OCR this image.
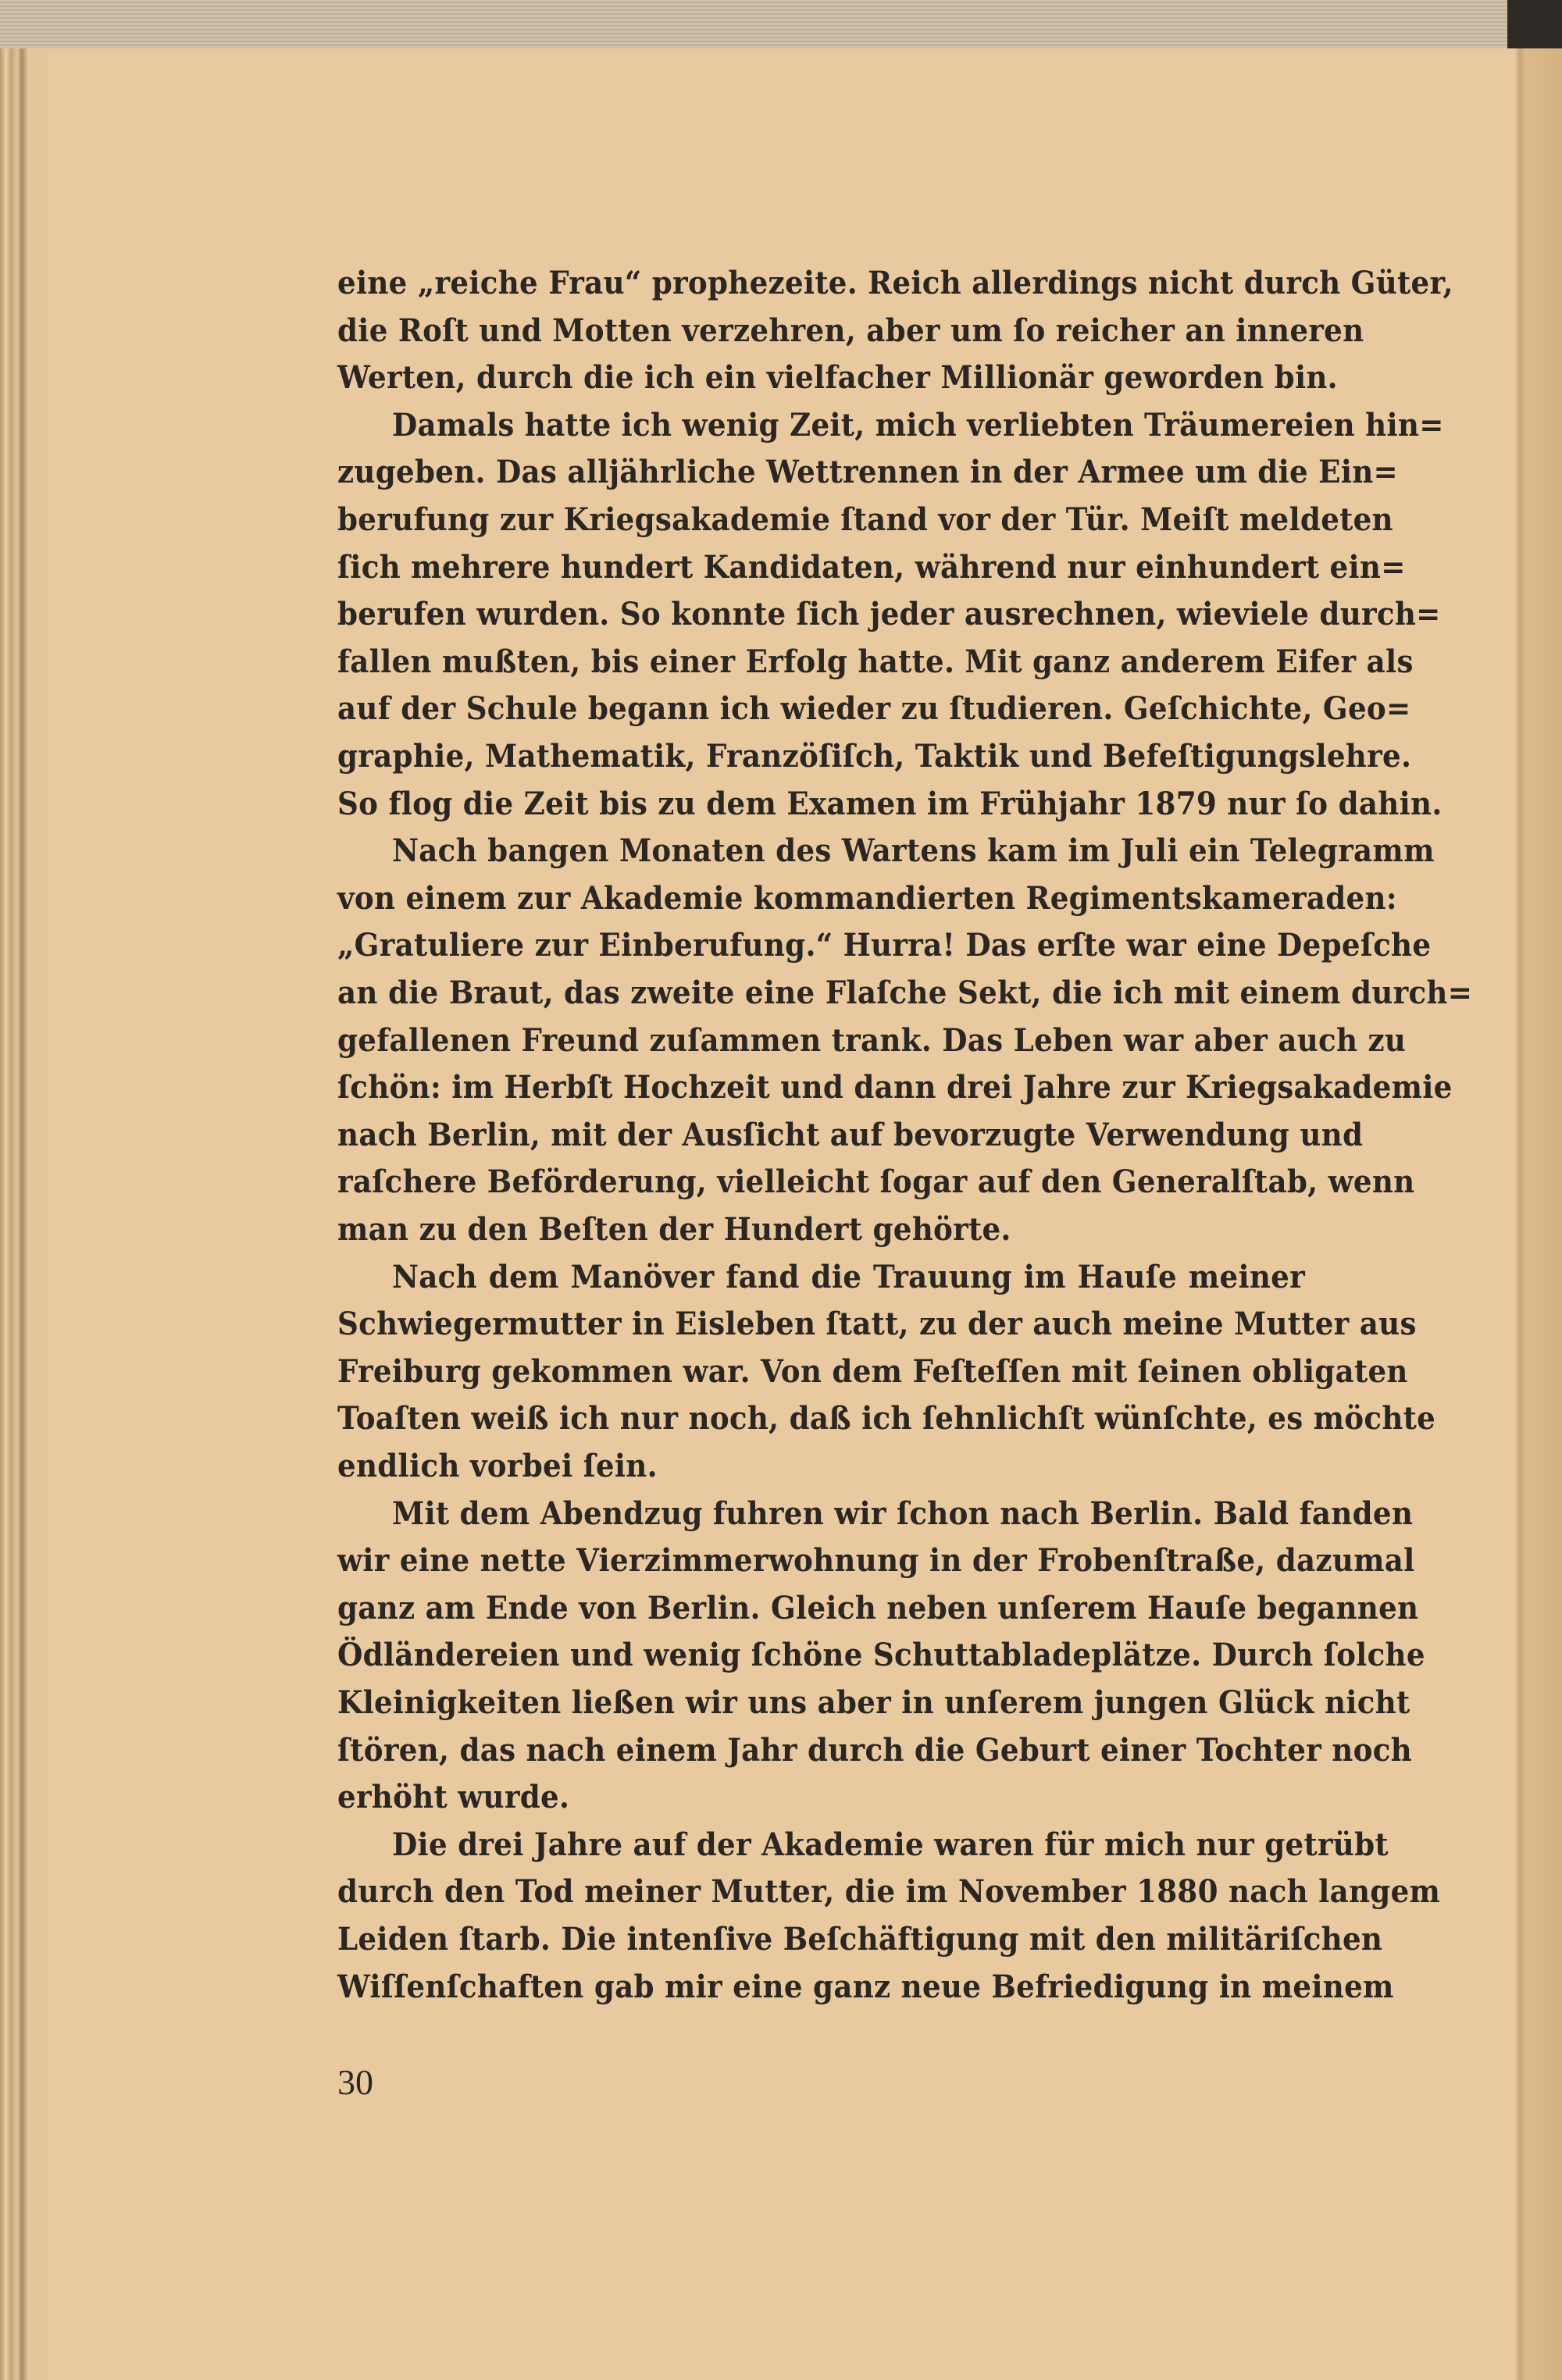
eine „reiche Frau“ prophezeite. Reich allerdings nicht durch Güter,
die Roſt und Motten verzehren, aber um ſo reicher an inneren
Werten, durch die ich ein vielfacher Millionär geworden bin.
Damals hatte ich wenig Zeit, mich verliebten Träumereien hin=
zugeben. Das alljährliche Wettrennen in der Armee um die Ein=
berufung zur Kriegsakademie ſtand vor der Tür. Meiſt meldeten
ſich mehrere hundert Kandidaten, während nur einhundert ein=
berufen wurden. So konnte ſich jeder ausrechnen, wieviele durch=
fallen mußten, bis einer Erfolg hatte. Mit ganz anderem Eifer als
auf der Schule begann ich wieder zu ſtudieren. Geſchichte, Geo=
graphie, Mathematik, Franzöſiſch, Taktik und Befeſtigungslehre.
So flog die Zeit bis zu dem Examen im Frühjahr 1879 nur ſo dahin.
Nach bangen Monaten des Wartens kam im Juli ein Telegramm
von einem zur Akademie kommandierten Regimentskameraden:
„Gratuliere zur Einberufung.“ Hurra! Das erſte war eine Depeſche
an die Braut, das zweite eine Flaſche Sekt, die ich mit einem durch=
gefallenen Freund zuſammen trank. Das Leben war aber auch zu
ſchön: im Herbſt Hochzeit und dann drei Jahre zur Kriegsakademie
nach Berlin, mit der Ausſicht auf bevorzugte Verwendung und
raſchere Beförderung, vielleicht ſogar auf den Generalſtab, wenn
man zu den Beſten der Hundert gehörte.
Nach dem Manöver fand die Trauung im Hauſe meiner
Schwiegermutter in Eisleben ſtatt, zu der auch meine Mutter aus
Freiburg gekommen war. Von dem Feſteſſen mit ſeinen obligaten
Toaſten weiß ich nur noch, daß ich ſehnlichſt wünſchte, es möchte
endlich vorbei ſein.
Mit dem Abendzug fuhren wir ſchon nach Berlin. Bald fanden
wir eine nette Vierzimmerwohnung in der Frobenſtraße, dazumal
ganz am Ende von Berlin. Gleich neben unſerem Hauſe begannen
Ödländereien und wenig ſchöne Schuttabladeplätze. Durch ſolche
Kleinigkeiten ließen wir uns aber in unſerem jungen Glück nicht
ſtören, das nach einem Jahr durch die Geburt einer Tochter noch
erhöht wurde.
Die drei Jahre auf der Akademie waren für mich nur getrübt
durch den Tod meiner Mutter, die im November 1880 nach langem
Leiden ſtarb. Die intenſive Beſchäftigung mit den militäriſchen
Wiſſenſchaften gab mir eine ganz neue Befriedigung in meinem
30
